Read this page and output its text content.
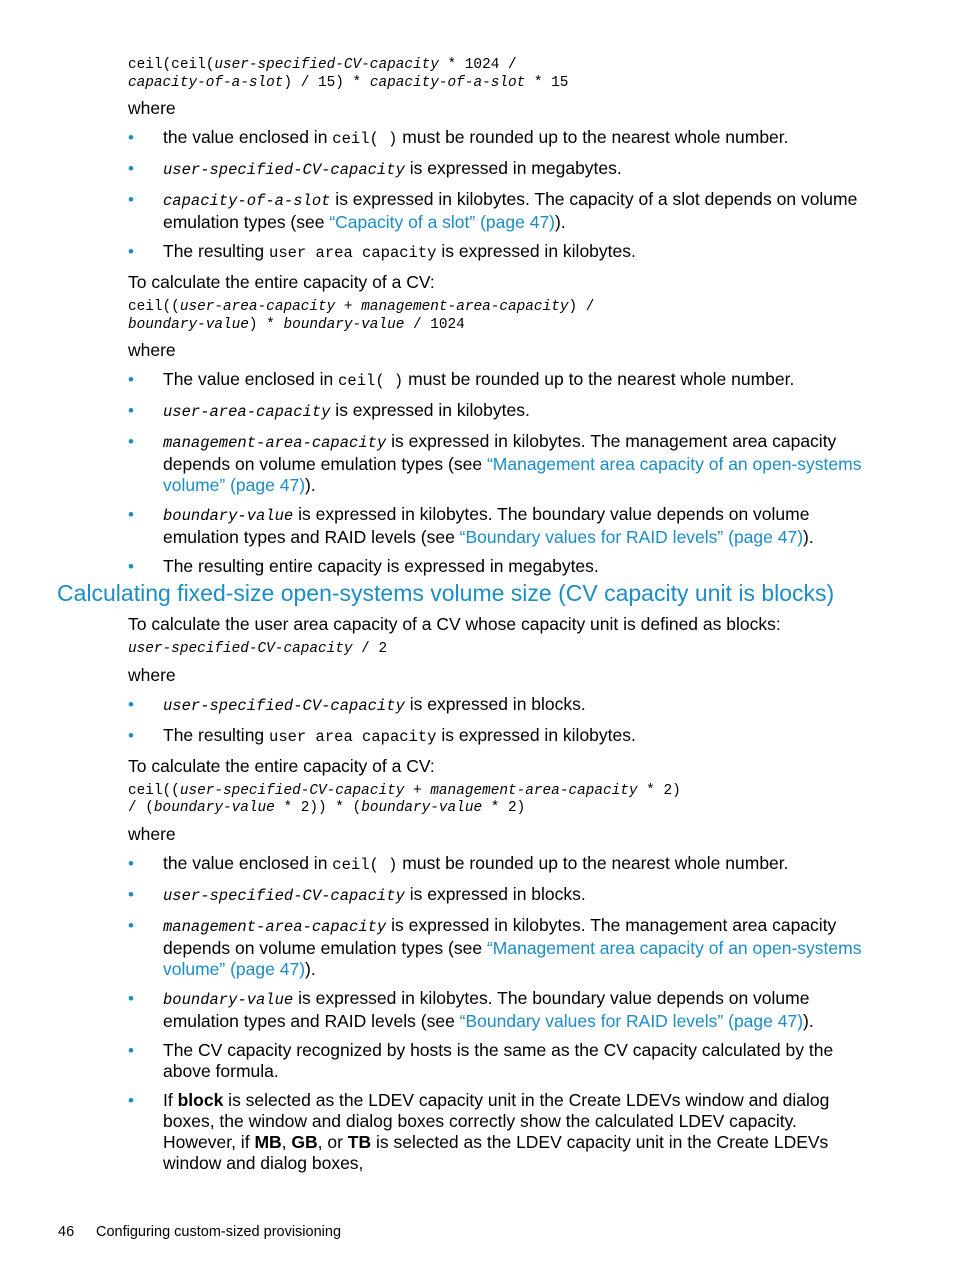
ceil(ceil(user-specified-CV-capacity * 1024 /
capacity-of-a-slot) / 15) * capacity-of-a-slot * 15

where

• the value enclosed in ceil( ) must be rounded up to the nearest whole number.
• user-specified-CV-capacity is expressed in megabytes.
• capacity-of-a-slot is expressed in kilobytes. The capacity of a slot depends on volume emulation types (see “Capacity of a slot” (page 47)).
• The resulting user area capacity is expressed in kilobytes.

To calculate the entire capacity of a CV:

ceil((user-area-capacity + management-area-capacity) /
boundary-value) * boundary-value / 1024

where

• The value enclosed in ceil( ) must be rounded up to the nearest whole number.
• user-area-capacity is expressed in kilobytes.
• management-area-capacity is expressed in kilobytes. The management area capacity depends on volume emulation types (see “Management area capacity of an open-systems volume” (page 47)).
• boundary-value is expressed in kilobytes. The boundary value depends on volume emulation types and RAID levels (see “Boundary values for RAID levels” (page 47)).
• The resulting entire capacity is expressed in megabytes.
Calculating fixed-size open-systems volume size (CV capacity unit is blocks)

To calculate the user area capacity of a CV whose capacity unit is defined as blocks:

user-specified-CV-capacity / 2

where

• user-specified-CV-capacity is expressed in blocks.
• The resulting user area capacity is expressed in kilobytes.

To calculate the entire capacity of a CV:

ceil((user-specified-CV-capacity + management-area-capacity * 2)
/ (boundary-value * 2)) * (boundary-value * 2)

where

• the value enclosed in ceil( ) must be rounded up to the nearest whole number.
• user-specified-CV-capacity is expressed in blocks.
• management-area-capacity is expressed in kilobytes. The management area capacity depends on volume emulation types (see “Management area capacity of an open-systems volume” (page 47)).
• boundary-value is expressed in kilobytes. The boundary value depends on volume emulation types and RAID levels (see “Boundary values for RAID levels” (page 47)).
• The CV capacity recognized by hosts is the same as the CV capacity calculated by the above formula.
• If block is selected as the LDEV capacity unit in the Create LDEVs window and dialog boxes, the window and dialog boxes correctly show the calculated LDEV capacity. However, if MB, GB, or TB is selected as the LDEV capacity unit in the Create LDEVs window and dialog boxes,
46 Configuring custom-sized provisioning
